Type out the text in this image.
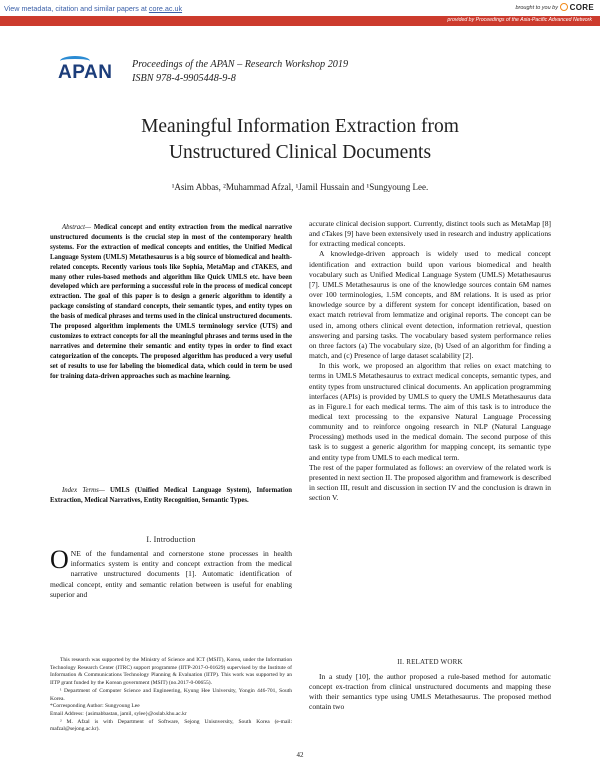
View metadata, citation and similar papers at core.ac.uk	brought to you by	CORE
provided by Proceedings of the Asia-Pacific Advanced Network
APAN Proceedings of the APAN – Research Workshop 2019
ISBN 978-4-9905448-9-8
Meaningful Information Extraction from
Unstructured Clinical Documents
¹Asim Abbas, ²Muhammad Afzal, ¹Jamil Hussain and ¹Sungyoung Lee.
Abstract— Medical concept and entity extraction from the medical narrative unstructured documents is the crucial step in most of the contemporary health systems. For the extraction of medical concepts and entities, the Unified Medical Language System (UMLS) Metathesaurus is a big source of biomedical and health-related concepts. Recently various tools like Sophia, MetaMap and cTAKES, and many other rules-based methods and algorithm like Quick UMLS etc. have been developed which are performing a successful role in the process of medical concept extraction. The goal of this paper is to design a generic algorithm to identify a package consisting of standard concepts, their semantic types, and entity types on the basis of medical phrases and terms used in the clinical unstructured documents. The proposed algorithm implements the UMLS terminology service (UTS) and customizes to extract concepts for all the meaningful phrases and terms used in the narratives and determine their semantic and entity types in order to find exact categorization of the concepts. The proposed algorithm has produced a very useful set of results to use for labeling the biomedical data, which could in term be used for training data-driven approaches such as machine learning.
Index Terms— UMLS (Unified Medical Language System), Information Extraction, Medical Narratives, Entity Recognition, Semantic Types.
I. Introduction
ONE of the fundamental and cornerstone stone processes in health informatics system is entity and concept extraction from the medical narrative unstructured documents [1]. Automatic identification of medical concept, entity and semantic relation between is useful for enabling superior and

This research was supported by the Ministry of Science and ICT (MSIT), Korea, under the Information Technology Research Center (ITRC) support programme (IITP-2017-0-01629) supervised by the Institute of Information & Communications Technology Planning & Evaluation (IITP). This work was supported by an IITP grant funded by the Korean government (MSIT) (no.2017-0-00655).

¹ Department of Computer Science and Engineering, Kyung Hee University, Yongin 446-701, South Korea.

*Corresponding Author: Sungyoung Lee

Email Address: {asimabbastan, jamil, sylee}@oslab.khu.ac.kr

² M. Afzal is with Department of Software, Sejong Unisnversity, South Korea (e-mail: mafzal@sejong.ac.kr).

accurate clinical decision support. Currently, distinct tools such as MetaMap [8] and cTakes [9] have been extensively used in research and industry applications for extracting medical concepts.

A knowledge-driven approach is widely used to medical concept identification and extraction build upon various biomedical and health vocabulary such as Unified Medical Language System (UMLS) Metathesaurus [7]. UMLS Metathesaurus is one of the knowledge sources contain 6M names over 100 terminologies, 1.5M concepts, and 8M relations. It is used as prior knowledge source by a different system for concept identification, based on exact match retrieval from lemmatize and original reports. The concept can be used in, among others clinical event detection, information retrieval, question answering and parsing tasks. The vocabulary based system performance relies on three factors (a) The vocabulary size, (b) Used of an algorithm for finding a match, and (c) Presence of large dataset scalability [2].

In this work, we proposed an algorithm that relies on exact matching to terms in UMLS Metathesaurus to extract medical concepts, semantic types, and entity types from unstructured clinical documents. An application programming interfaces (APIs) is provided by UMLS to query the UMLS Metathesaurus data as in Figure.1 for each medical terms. The aim of this task is to introduce the medical text processing to the expansive Natural Language Processing community and to reinforce ongoing research in NLP (Natural Language Processing) methods used in the medical domain. The second purpose of this task is to suggest a generic algorithm for mapping concept, its semantic type and entity type from UMLS to each medical term.

The rest of the paper formulated as follows: an overview of the related work is presented in next section II. The proposed algorithm and framework is described in section III, result and discussion in section IV and the conclusion is drawn in section V.

II. RELATED WORK

In a study [10], the author proposed a rule-based method for automatic concept ex-traction from clinical unstructured documents and mapping these with their semantics type using UMLS Metathesaurus. The proposed method contain two

42
